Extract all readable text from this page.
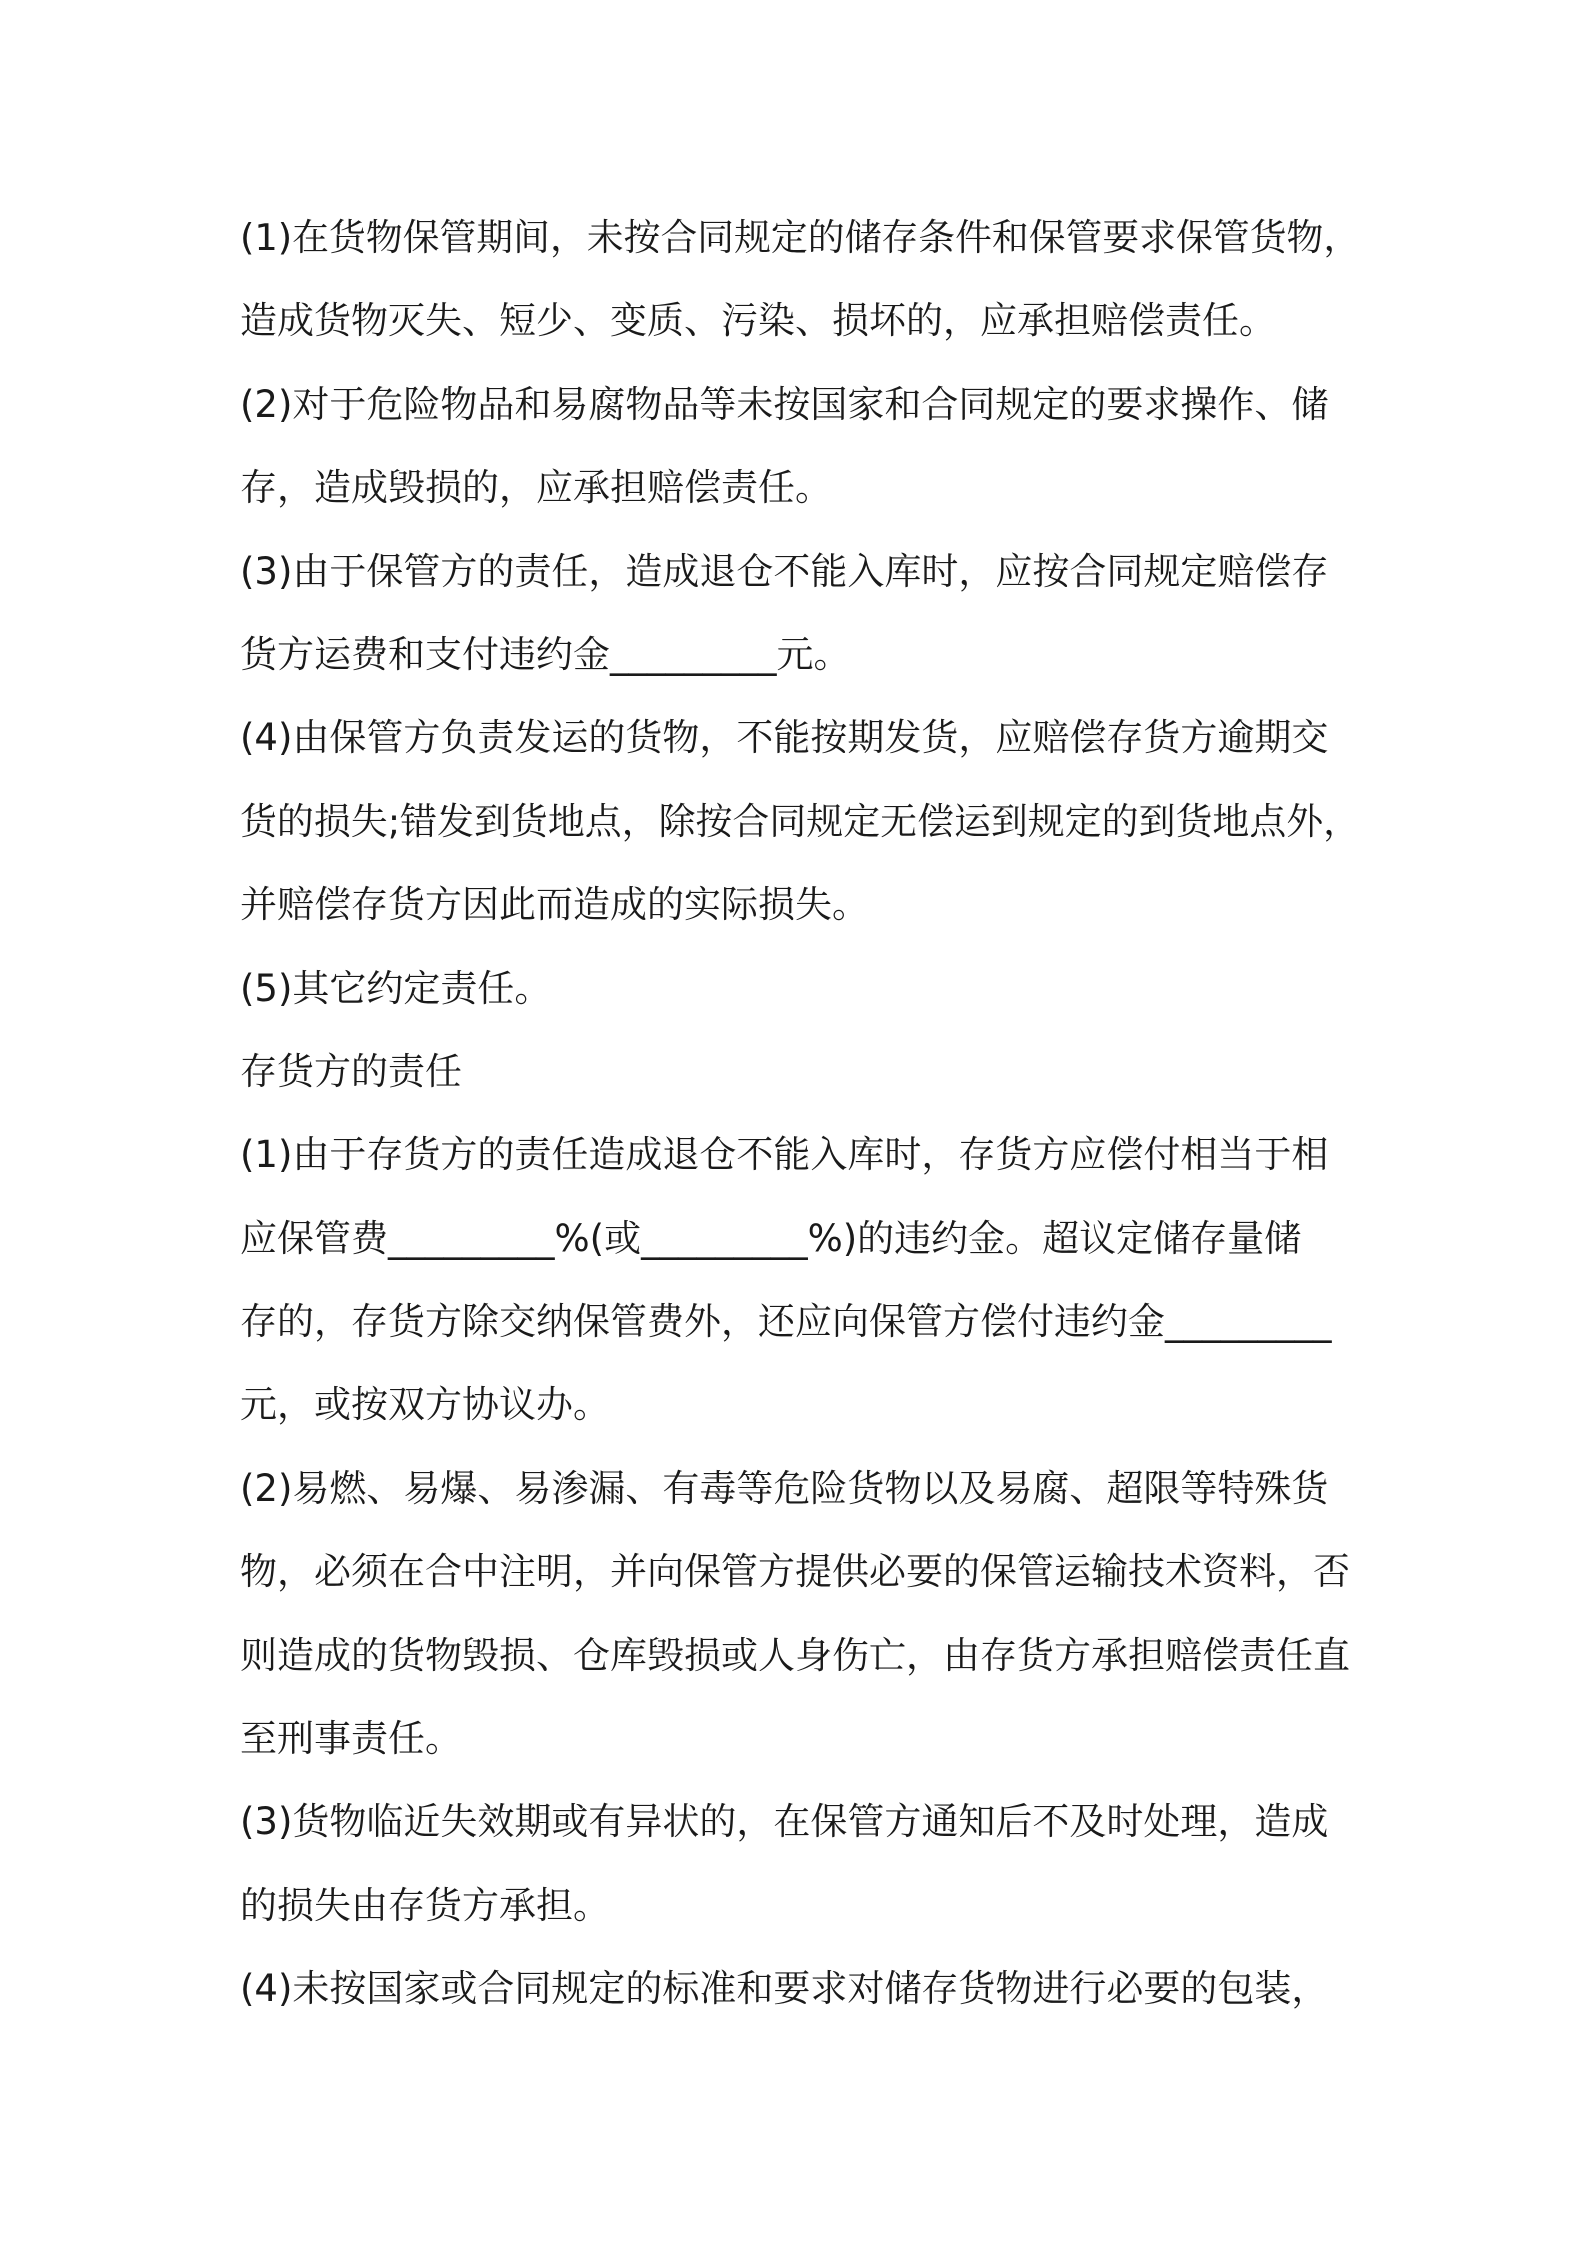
(1)在货物保管期间，未按合同规定的储存条件和保管要求保管货物，
造成货物灭失、短少、变质、污染、损坏的，应承担赔偿责任。
(2)对于危险物品和易腐物品等未按国家和合同规定的要求操作、储
存，造成毁损的，应承担赔偿责任。
(3)由于保管方的责任，造成退仓不能入库时，应按合同规定赔偿存
货方运费和支付违约金_________元。
(4)由保管方负责发运的货物，不能按期发货，应赔偿存货方逾期交
货的损失;错发到货地点，除按合同规定无偿运到规定的到货地点外，
并赔偿存货方因此而造成的实际损失。
(5)其它约定责任。
存货方的责任
(1)由于存货方的责任造成退仓不能入库时，存货方应偿付相当于相
应保管费_________%(或_________%)的违约金。超议定储存量储
存的，存货方除交纳保管费外，还应向保管方偿付违约金_________
元，或按双方协议办。
(2)易燃、易爆、易渗漏、有毒等危险货物以及易腐、超限等特殊货
物，必须在合中注明，并向保管方提供必要的保管运输技术资料，否
则造成的货物毁损、仓库毁损或人身伤亡，由存货方承担赔偿责任直
至刑事责任。
(3)货物临近失效期或有异状的，在保管方通知后不及时处理，造成
的损失由存货方承担。
(4)未按国家或合同规定的标准和要求对储存货物进行必要的包装，
